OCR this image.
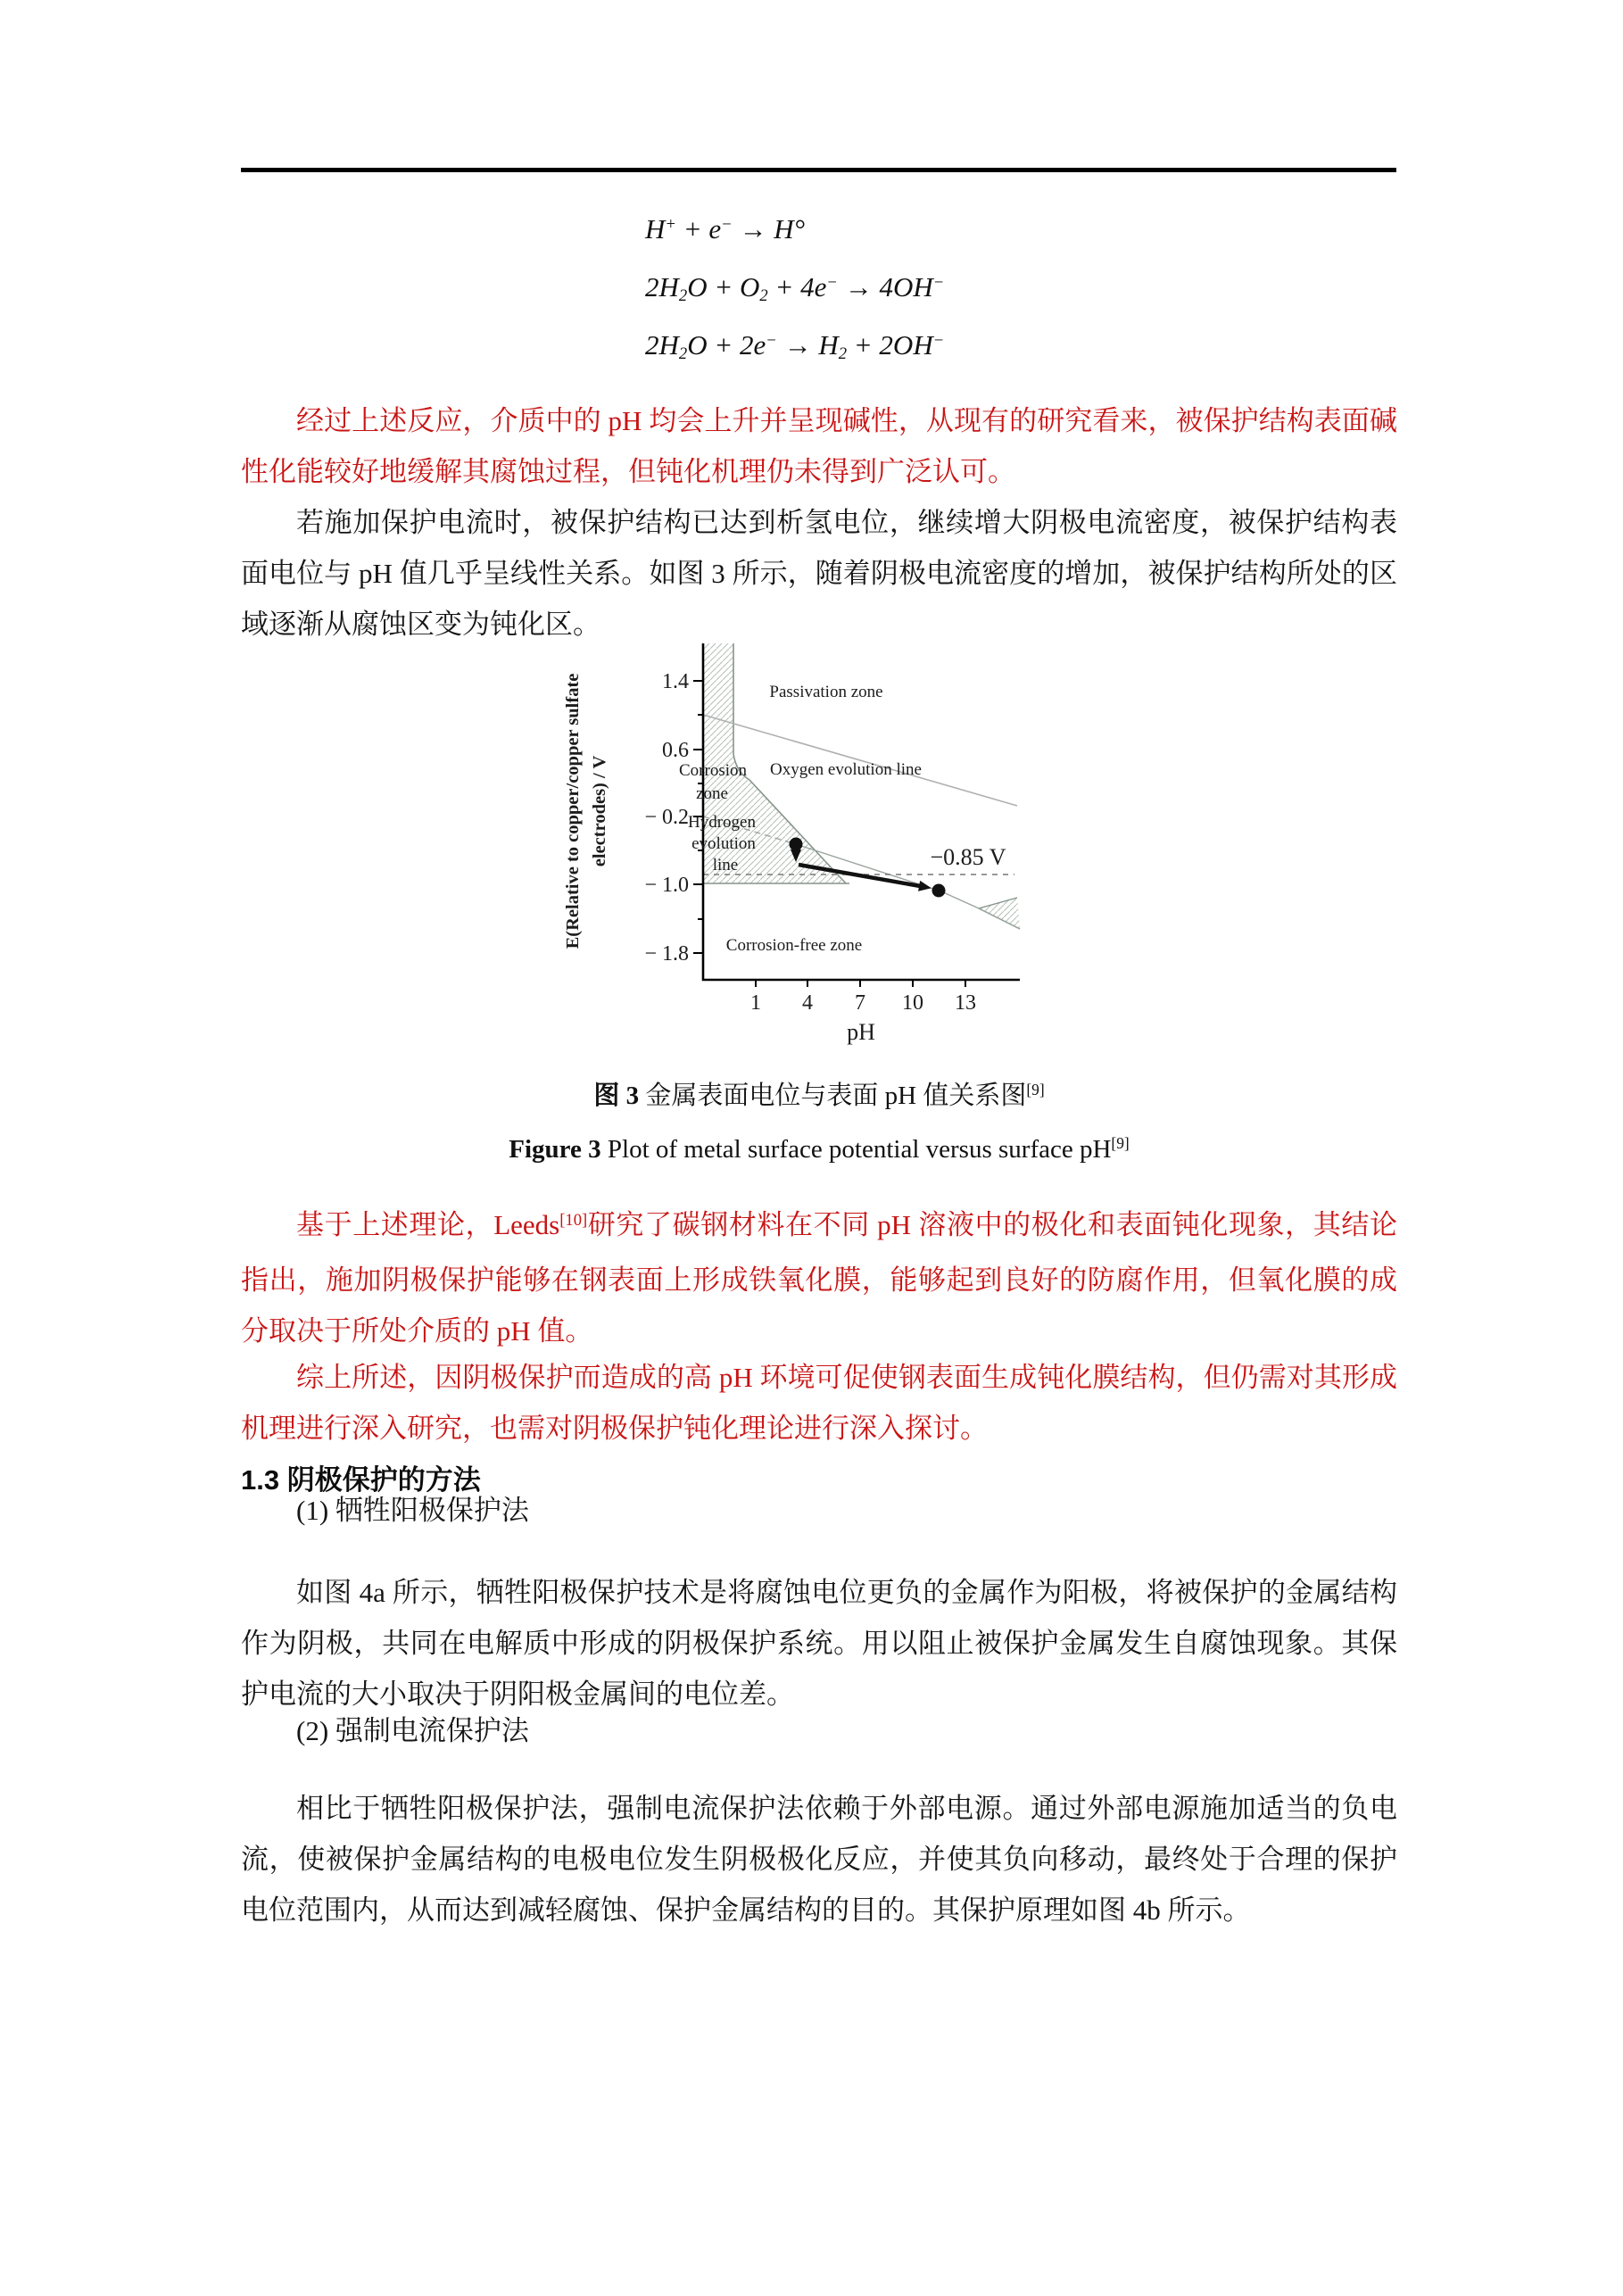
H+ + e− → H°
$2H_2O + O_2 + 4e^- \to 4OH^-$
$2H_2O + 2e^- \to H_2 + 2OH^-$

经过上述反应，介质中的 pH 均会上升并呈现碱性，从现有的研究看来，被保护结构表面碱性化能较好地缓解其腐蚀过程，但钝化机理仍未得到广泛认可。

若施加保护电流时，被保护结构已达到析氢电位，继续增大阴极电流密度，被保护结构表面电位与 pH 值几乎呈线性关系。如图 3 所示，随着阴极电流密度的增加，被保护结构所处的区域逐渐从腐蚀区变为钝化区。

1.4
0.6
− 0.2
− 1.0
− 1.8
1 4 7 10 13
pH
E(Relative to copper/copper sulfate electrodes) / V
Passivation zone
Oxygen evolution line
Corrosion
zone
Hydrogen
evolution
line
Corrosion-free zone
−0.85 V
图 3 金属表面电位与表面 pH 值关系图[9]
Figure 3 Plot of metal surface potential versus surface pH[9]

基于上述理论，Leeds[10]研究了碳钢材料在不同 pH 溶液中的极化和表面钝化现象，其结论指出，施加阴极保护能够在钢表面上形成铁氧化膜，能够起到良好的防腐作用，但氧化膜的成分取决于所处介质的 pH 值。

综上所述，因阴极保护而造成的高 pH 环境可促使钢表面生成钝化膜结构，但仍需对其形成机理进行深入研究，也需对阴极保护钝化理论进行深入探讨。

1.3 阴极保护的方法
(1) 牺牲阳极保护法

如图 4a 所示，牺牲阳极保护技术是将腐蚀电位更负的金属作为阳极，将被保护的金属结构作为阴极，共同在电解质中形成的阴极保护系统。用以阻止被保护金属发生自腐蚀现象。其保护电流的大小取决于阴阳极金属间的电位差。

(2) 强制电流保护法

相比于牺牲阳极保护法，强制电流保护法依赖于外部电源。通过外部电源施加适当的负电流，使被保护金属结构的电极电位发生阴极极化反应，并使其负向移动，最终处于合理的保护电位范围内，从而达到减轻腐蚀、保护金属结构的目的。其保护原理如图 4b 所示。
